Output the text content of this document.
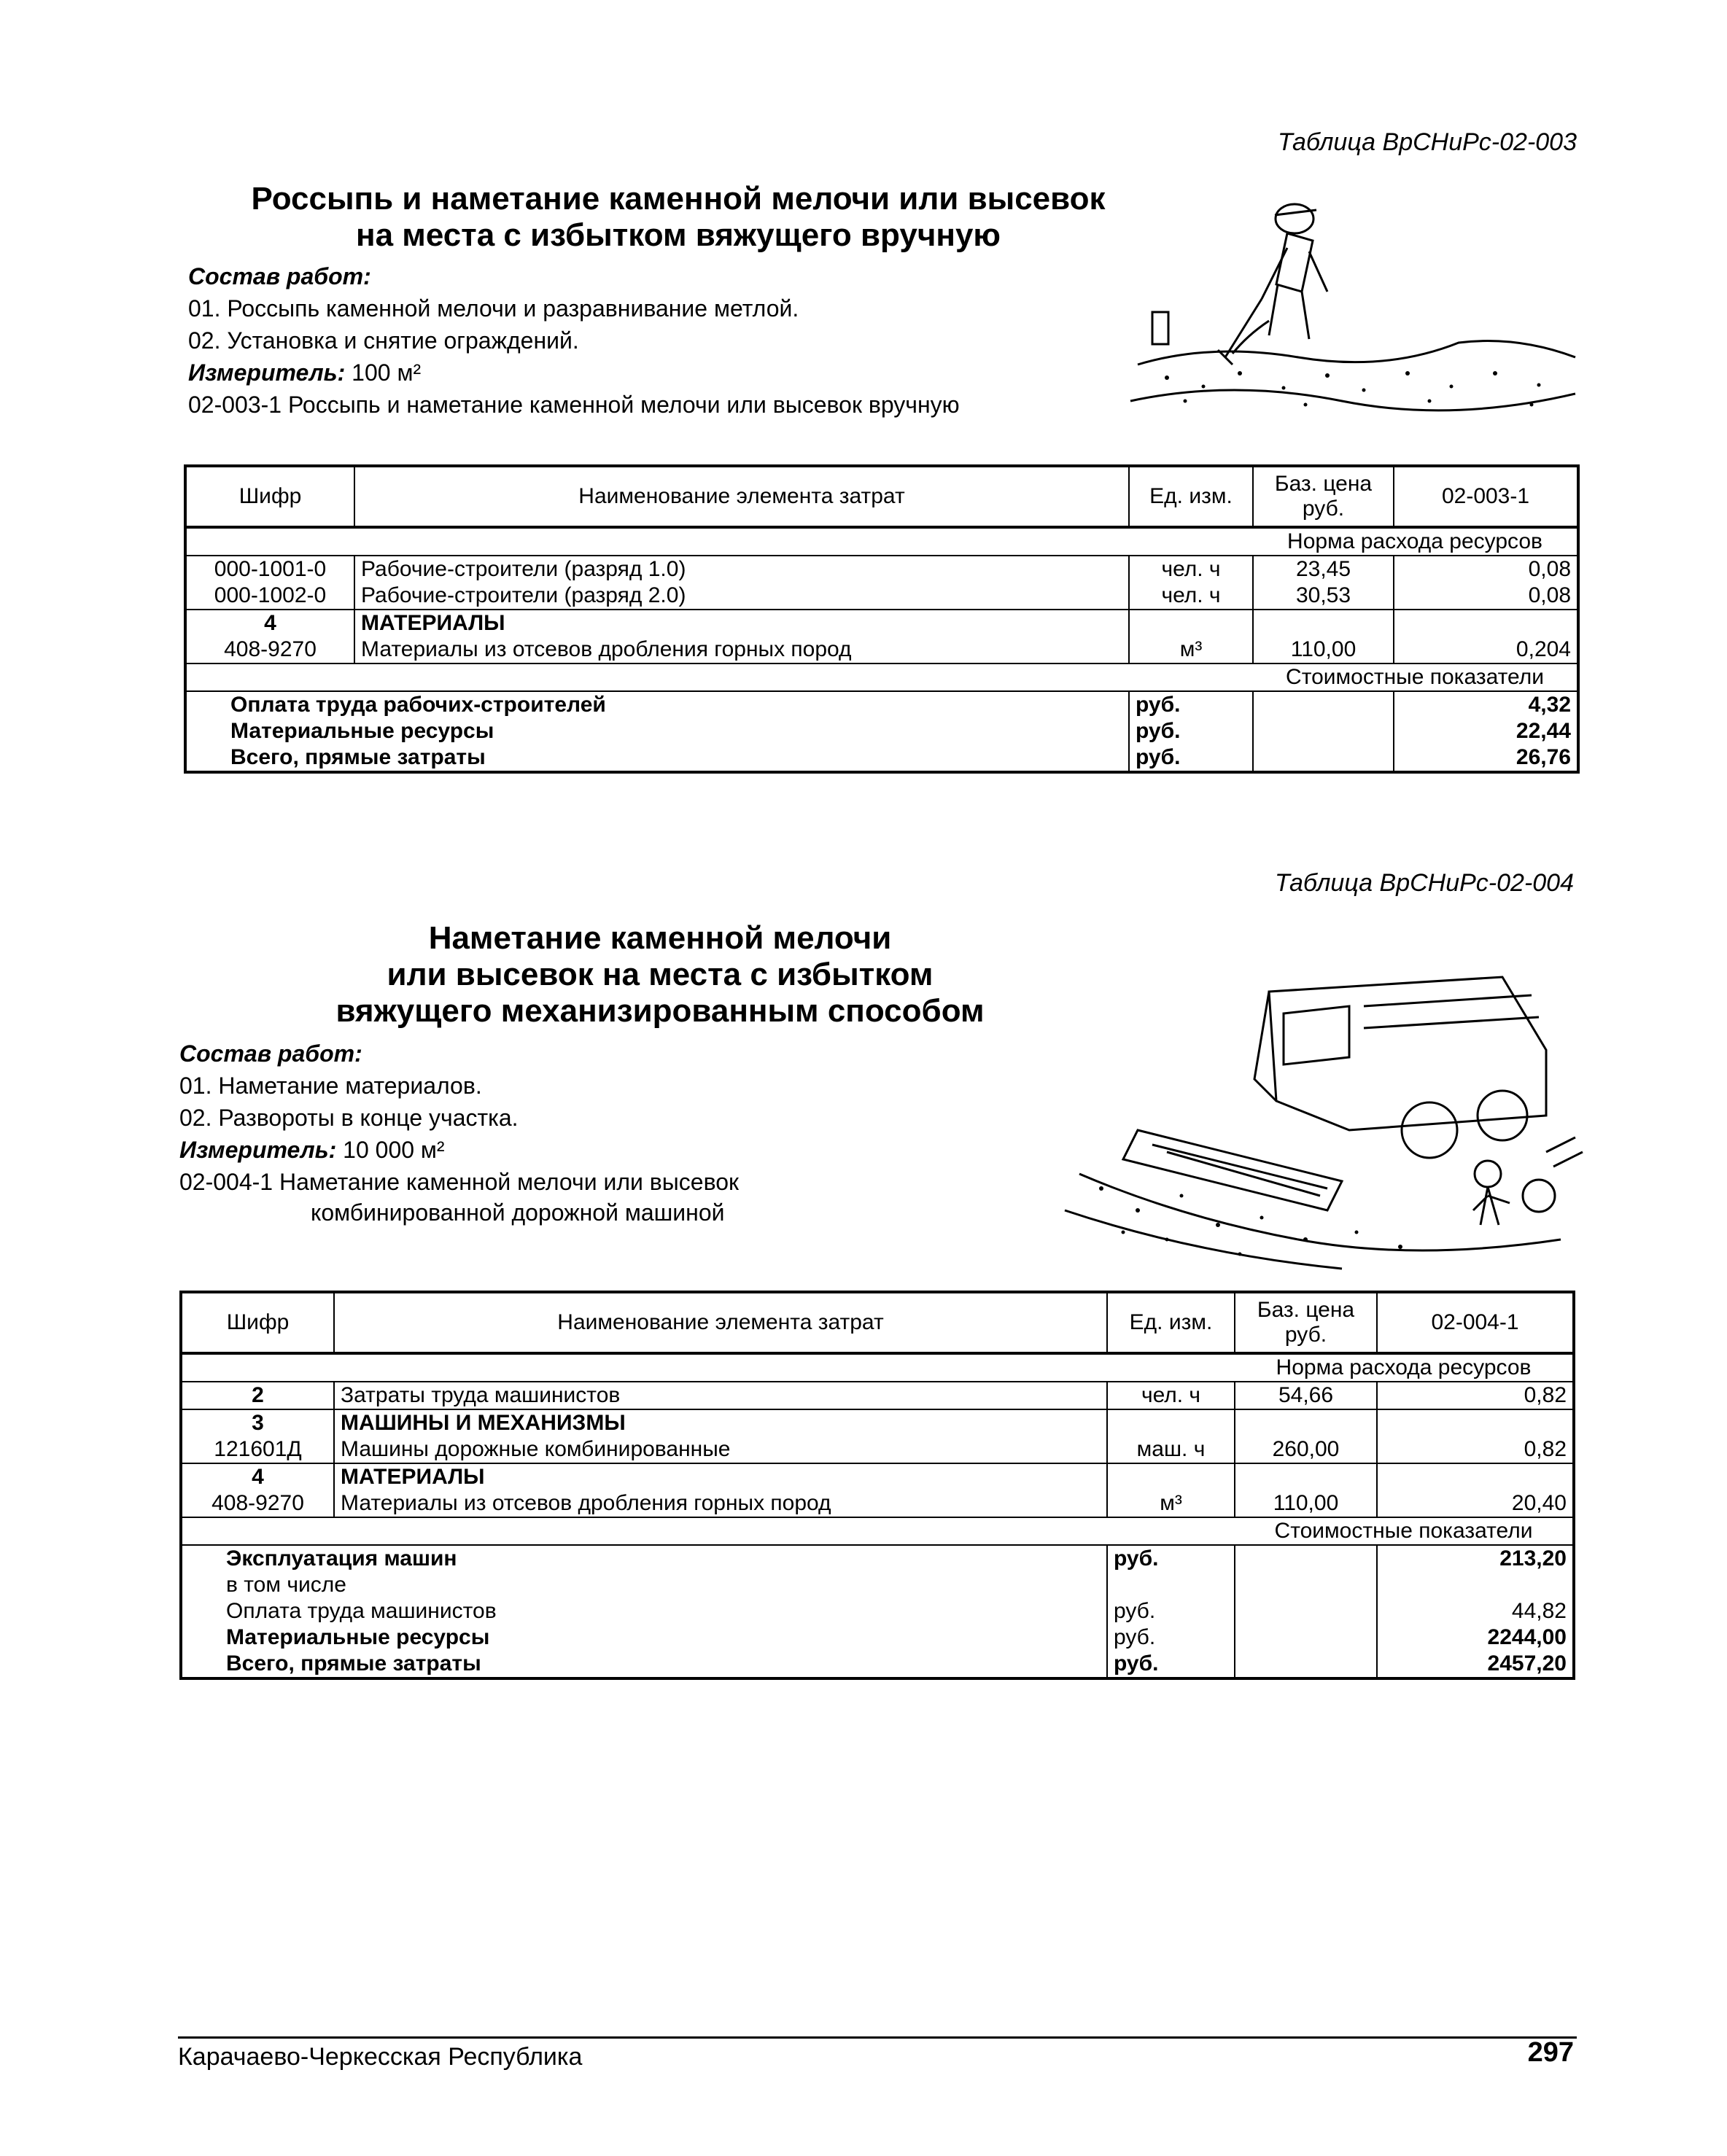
Таблица ВрСНиРс-02-003
Россыпь и наметание каменной мелочи или высевок
на места с избытком вяжущего вручную
Состав работ:
01. Россыпь каменной мелочи и разравнивание метлой.
02. Установка и снятие ограждений.
Измеритель: 100 м²
02-003-1 Россыпь и наметание каменной мелочи или высевок вручную
Шифр	Наименование элемента затрат	Ед. изм.	Баз. цена руб.	02-003-1
			Норма расхода ресурсов	
000-1001-0	Рабочие-строители (разряд 1.0)	чел. ч	23,45	0,08
000-1002-0	Рабочие-строители (разряд 2.0)	чел. ч	30,53	0,08
4	МАТЕРИАЛЫ			
408-9270	Материалы из отсевов дробления горных пород	м³	110,00	0,204
			Стоимостные показатели	
Оплата труда рабочих-строителей		руб.		4,32
Материальные ресурсы		руб.		22,44
Всего, прямые затраты		руб.		26,76
Таблица ВрСНиРс-02-004
Наметание каменной мелочи
или высевок на места с избытком
вяжущего механизированным способом
Состав работ:
01. Наметание материалов.
02. Развороты в конце участка.
Измеритель: 10 000 м²
02-004-1 Наметание каменной мелочи или высевок
комбинированной дорожной машиной
Шифр	Наименование элемента затрат	Ед. изм.	Баз. цена руб.	02-004-1
			Норма расхода ресурсов	
2	Затраты труда машинистов	чел. ч	54,66	0,82
3	МАШИНЫ И МЕХАНИЗМЫ			
121601Д	Машины дорожные комбинированные	маш. ч	260,00	0,82
4	МАТЕРИАЛЫ			
408-9270	Материалы из отсевов дробления горных пород	м³	110,00	20,40
			Стоимостные показатели	
Эксплуатация машин		руб.		213,20
в том числе				
Оплата труда машинистов		руб.		44,82
Материальные ресурсы		руб.		2244,00
Всего, прямые затраты		руб.		2457,20
Карачаево-Черкесская Республика	297
